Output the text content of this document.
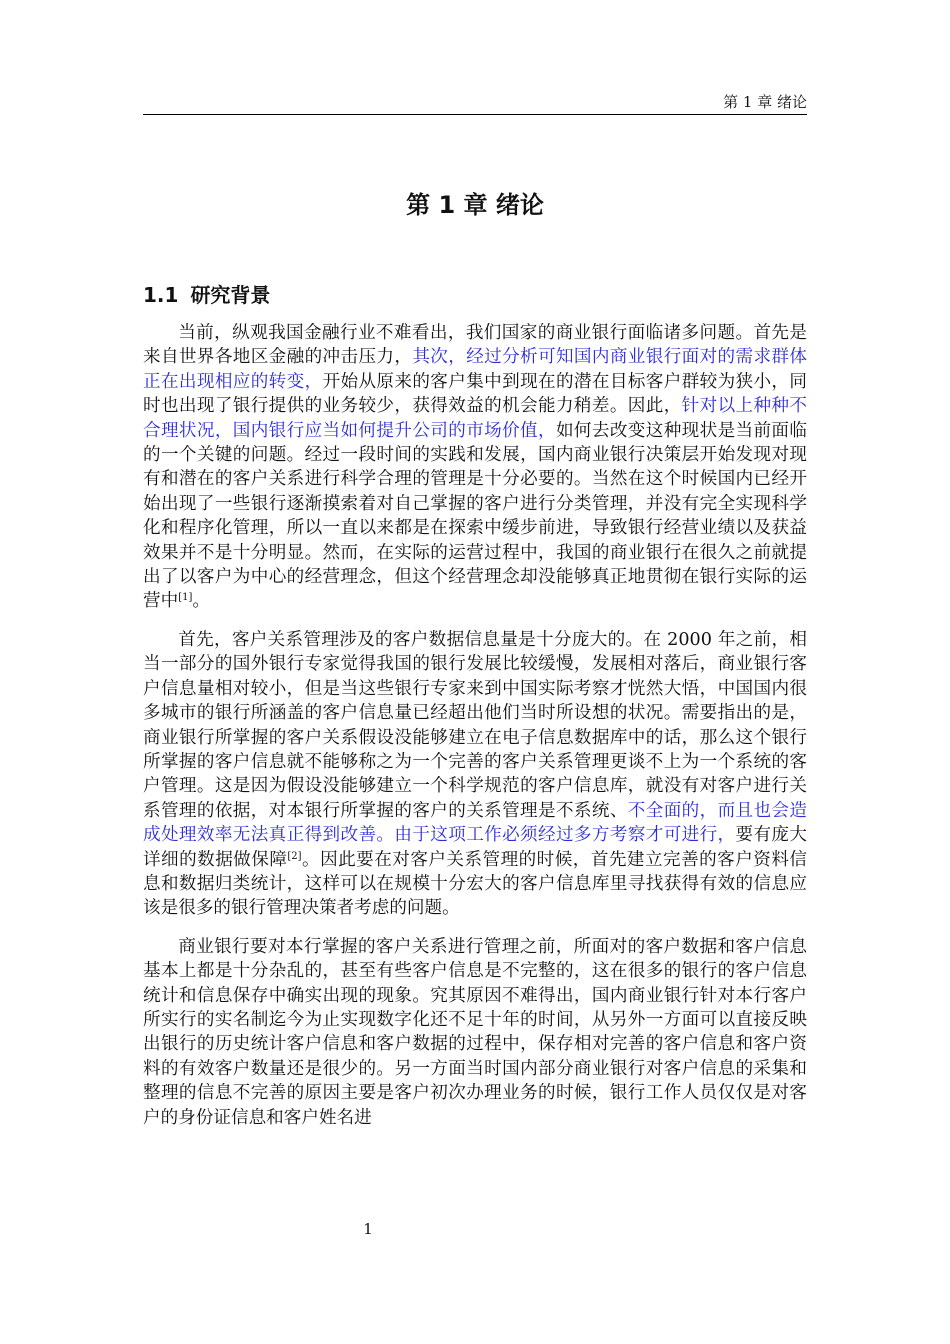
第 1 章 绪论
第 1 章 绪论
1.1 研究背景

当前，纵观我国金融行业不难看出，我们国家的商业银行面临诸多问题。首先是来自世界各地区金融的冲击压力，其次，经过分析可知国内商业银行面对的需求群体正在出现相应的转变，开始从原来的客户集中到现在的潜在目标客户群较为狭小，同时也出现了银行提供的业务较少，获得效益的机会能力稍差。因此，针对以上种种不合理状况，国内银行应当如何提升公司的市场价值，如何去改变这种现状是当前面临的一个关键的问题。经过一段时间的实践和发展，国内商业银行决策层开始发现对现有和潜在的客户关系进行科学合理的管理是十分必要的。当然在这个时候国内已经开始出现了一些银行逐渐摸索着对自己掌握的客户进行分类管理，并没有完全实现科学化和程序化管理，所以一直以来都是在探索中缓步前进，导致银行经营业绩以及获益效果并不是十分明显。然而，在实际的运营过程中，我国的商业银行在很久之前就提出了以客户为中心的经营理念，但这个经营理念却没能够真正地贯彻在银行实际的运营中[1]。

首先，客户关系管理涉及的客户数据信息量是十分庞大的。在 2000 年之前，相当一部分的国外银行专家觉得我国的银行发展比较缓慢，发展相对落后，商业银行客户信息量相对较小，但是当这些银行专家来到中国实际考察才恍然大悟，中国国内很多城市的银行所涵盖的客户信息量已经超出他们当时所设想的状况。需要指出的是，商业银行所掌握的客户关系假设没能够建立在电子信息数据库中的话，那么这个银行所掌握的客户信息就不能够称之为一个完善的客户关系管理更谈不上为一个系统的客户管理。这是因为假设没能够建立一个科学规范的客户信息库，就没有对客户进行关系管理的依据，对本银行所掌握的客户的关系管理是不系统、不全面的，而且也会造成处理效率无法真正得到改善。由于这项工作必须经过多方考察才可进行，要有庞大详细的数据做保障[2]。因此要在对客户关系管理的时候，首先建立完善的客户资料信息和数据归类统计，这样可以在规模十分宏大的客户信息库里寻找获得有效的信息应该是很多的银行管理决策者考虑的问题。

商业银行要对本行掌握的客户关系进行管理之前，所面对的客户数据和客户信息基本上都是十分杂乱的，甚至有些客户信息是不完整的，这在很多的银行的客户信息统计和信息保存中确实出现的现象。究其原因不难得出，国内商业银行针对本行客户所实行的实名制迄今为止实现数字化还不足十年的时间，从另外一方面可以直接反映出银行的历史统计客户信息和客户数据的过程中，保存相对完善的客户信息和客户资料的有效客户数量还是很少的。另一方面当时国内部分商业银行对客户信息的采集和整理的信息不完善的原因主要是客户初次办理业务的时候，银行工作人员仅仅是对客户的身份证信息和客户姓名进

1
